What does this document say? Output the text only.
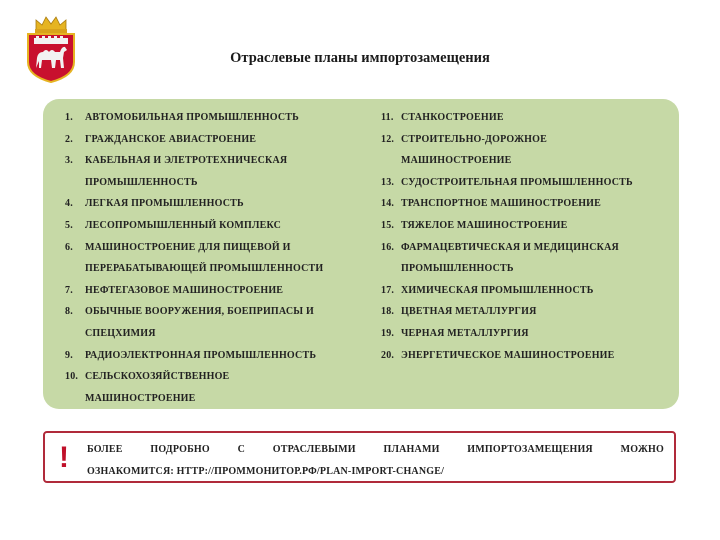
Отраслевые планы импортозамещения
1.	АВТОМОБИЛЬНАЯ ПРОМЫШЛЕННОСТЬ
2.	ГРАЖДАНСКОЕ АВИАСТРОЕНИЕ
3.	КАБЕЛЬНАЯ И ЭЛЕТРОТЕХНИЧЕСКАЯ
ПРОМЫШЛЕННОСТЬ
4.	ЛЕГКАЯ ПРОМЫШЛЕННОСТЬ
5.	ЛЕСОПРОМЫШЛЕННЫЙ КОМПЛЕКС
6.	МАШИНОСТРОЕНИЕ ДЛЯ ПИЩЕВОЙ И
ПЕРЕРАБАТЫВАЮЩЕЙ ПРОМЫШЛЕННОСТИ
7.	НЕФТЕГАЗОВОЕ МАШИНОСТРОЕНИЕ
8.	ОБЫЧНЫЕ ВООРУЖЕНИЯ, БОЕПРИПАСЫ И
СПЕЦХИМИЯ
9.	РАДИОЭЛЕКТРОННАЯ ПРОМЫШЛЕННОСТЬ
10. СЕЛЬСКОХОЗЯЙСТВЕННОЕ
МАШИНОСТРОЕНИЕ
11. СТАНКОСТРОЕНИЕ
12. СТРОИТЕЛЬНО-ДОРОЖНОЕ
МАШИНОСТРОЕНИЕ
13. СУДОСТРОИТЕЛЬНАЯ ПРОМЫШЛЕННОСТЬ
14. ТРАНСПОРТНОЕ МАШИНОСТРОЕНИЕ
15. ТЯЖЕЛОЕ МАШИНОСТРОЕНИЕ
16. ФАРМАЦЕВТИЧЕСКАЯ И МЕДИЦИНСКАЯ
ПРОМЫШЛЕННОСТЬ
17. ХИМИЧЕСКАЯ ПРОМЫШЛЕННОСТЬ
18. ЦВЕТНАЯ МЕТАЛЛУРГИЯ
19. ЧЕРНАЯ МЕТАЛЛУРГИЯ
20. ЭНЕРГЕТИЧЕСКОЕ МАШИНОСТРОЕНИЕ
! БОЛЕЕ ПОДРОБНО С ОТРАСЛЕВЫМИ ПЛАНАМИ ИМПОРТОЗАМЕЩЕНИЯ МОЖНО
ОЗНАКОМИТСЯ: HTTP://ПРОММОНИТОР.РФ/PLAN-IMPORT-CHANGE/
